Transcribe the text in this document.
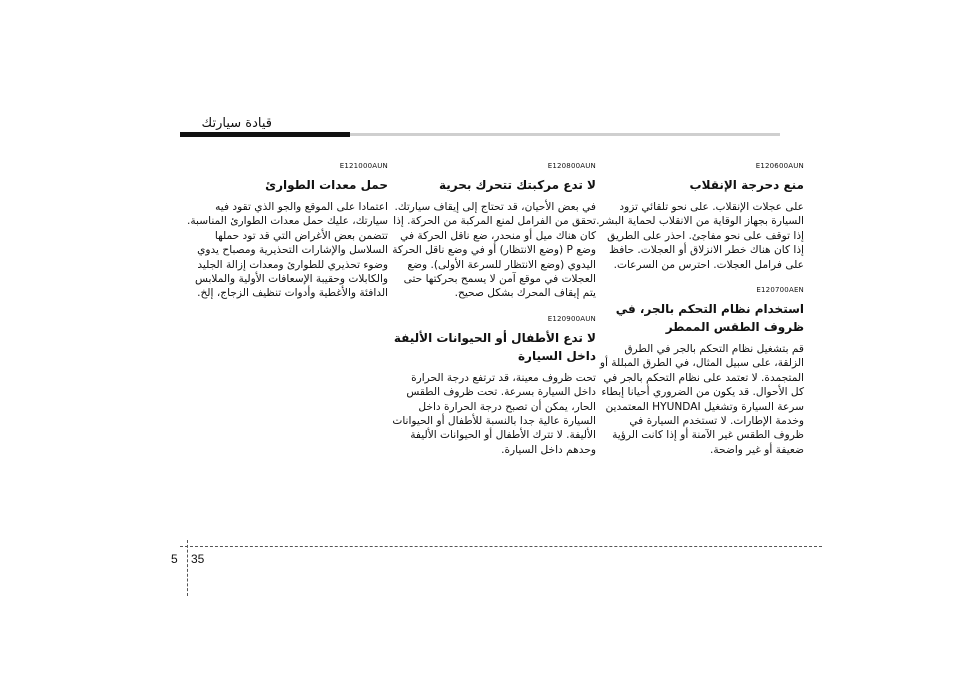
قيادة سيارتك
E120600AUN
منع دحرجة الإنقلاب
على عجلات الإنقلاب. على نحو تلقائي تزود السيارة بجهاز الوقاية من الانقلاب لحماية البشر. إذا توقف على نحو مفاجئ. احذر على الطريق إذا كان هناك خطر الانزلاق أو العجلات. حافظ على فرامل العجلات. احترس من السرعات.
E120700AEN
استخدام نظام التحكم بالجر، في ظروف الطقس الممطر
قم بتشغيل نظام التحكم بالجر في الطرق الزلقة، على سبيل المثال، في الطرق المبللة أو المتجمدة. لا تعتمد على نظام التحكم بالجر في كل الأحوال. قد يكون من الضروري أحيانا إبطاء سرعة السيارة وتشغيل HYUNDAI المعتمدين وخدمة الإطارات. لا تستخدم السيارة في ظروف الطقس غير الآمنة أو إذا كانت الرؤية ضعيفة أو غير واضحة.
E120800AUN
لا تدع مركبتك تتحرك بحرية
في بعض الأحيان، قد تحتاج إلى إيقاف سيارتك. تحقق من الفرامل لمنع المركبة من الحركة. إذا كان هناك ميل أو منحدر، ضع ناقل الحركة في وضع P (وضع الانتظار) أو في وضع ناقل الحركة اليدوي (وضع الانتظار للسرعة الأولى). وضع العجلات في موقع آمن لا يسمح بحركتها حتى يتم إيقاف المحرك بشكل صحيح.
E120900AUN
لا تدع الأطفال أو الحيوانات الأليفة داخل السيارة
تحت ظروف معينة، قد ترتفع درجة الحرارة داخل السيارة بسرعة. تحت ظروف الطقس الحار، يمكن أن تصبح درجة الحرارة داخل السيارة عالية جدا بالنسبة للأطفال أو الحيوانات الأليفة. لا تترك الأطفال أو الحيوانات الأليفة وحدهم داخل السيارة.
E121000AUN
حمل معدات الطوارئ
اعتمادا على الموقع والجو الذي تقود فيه سيارتك، عليك حمل معدات الطوارئ المناسبة. تتضمن بعض الأغراض التي قد تود حملها السلاسل والإشارات التحذيرية ومصباح يدوي وضوء تحذيري للطوارئ ومعدات إزالة الجليد والكابلات وحقيبة الإسعافات الأولية والملابس الدافئة والأغطية وأدوات تنظيف الزجاج، إلخ.
5 35
